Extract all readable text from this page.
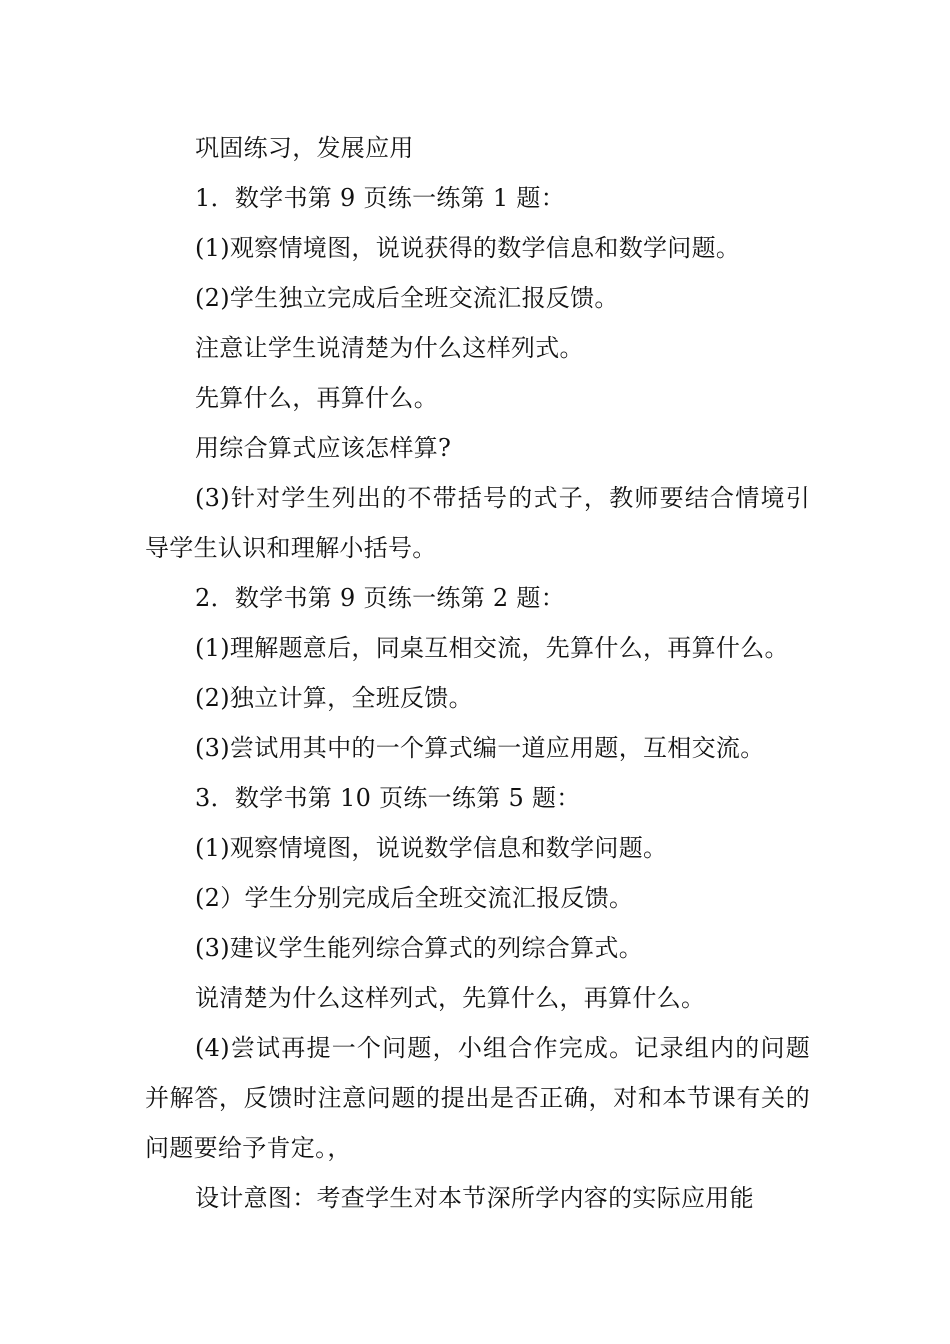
巩固练习，发展应用

1．数学书第 9 页练一练第 1 题：

(1)观察情境图，说说获得的数学信息和数学问题。

(2)学生独立完成后全班交流汇报反馈。

注意让学生说清楚为什么这样列式。

先算什么，再算什么。

用综合算式应该怎样算?

(3)针对学生列出的不带括号的式子，教师要结合情境引导学生认识和理解小括号。

2．数学书第 9 页练一练第 2 题：

(1)理解题意后，同桌互相交流，先算什么，再算什么。

(2)独立计算，全班反馈。

(3)尝试用其中的一个算式编一道应用题，互相交流。

3．数学书第 10 页练一练第 5 题：

(1)观察情境图，说说数学信息和数学问题。

(2）学生分别完成后全班交流汇报反馈。

(3)建议学生能列综合算式的列综合算式。

说清楚为什么这样列式，先算什么，再算什么。

(4)尝试再提一个问题，小组合作完成。记录组内的问题并解答，反馈时注意问题的提出是否正确，对和本节课有关的问题要给予肯定。，

设计意图：考查学生对本节深所学内容的实际应用能
